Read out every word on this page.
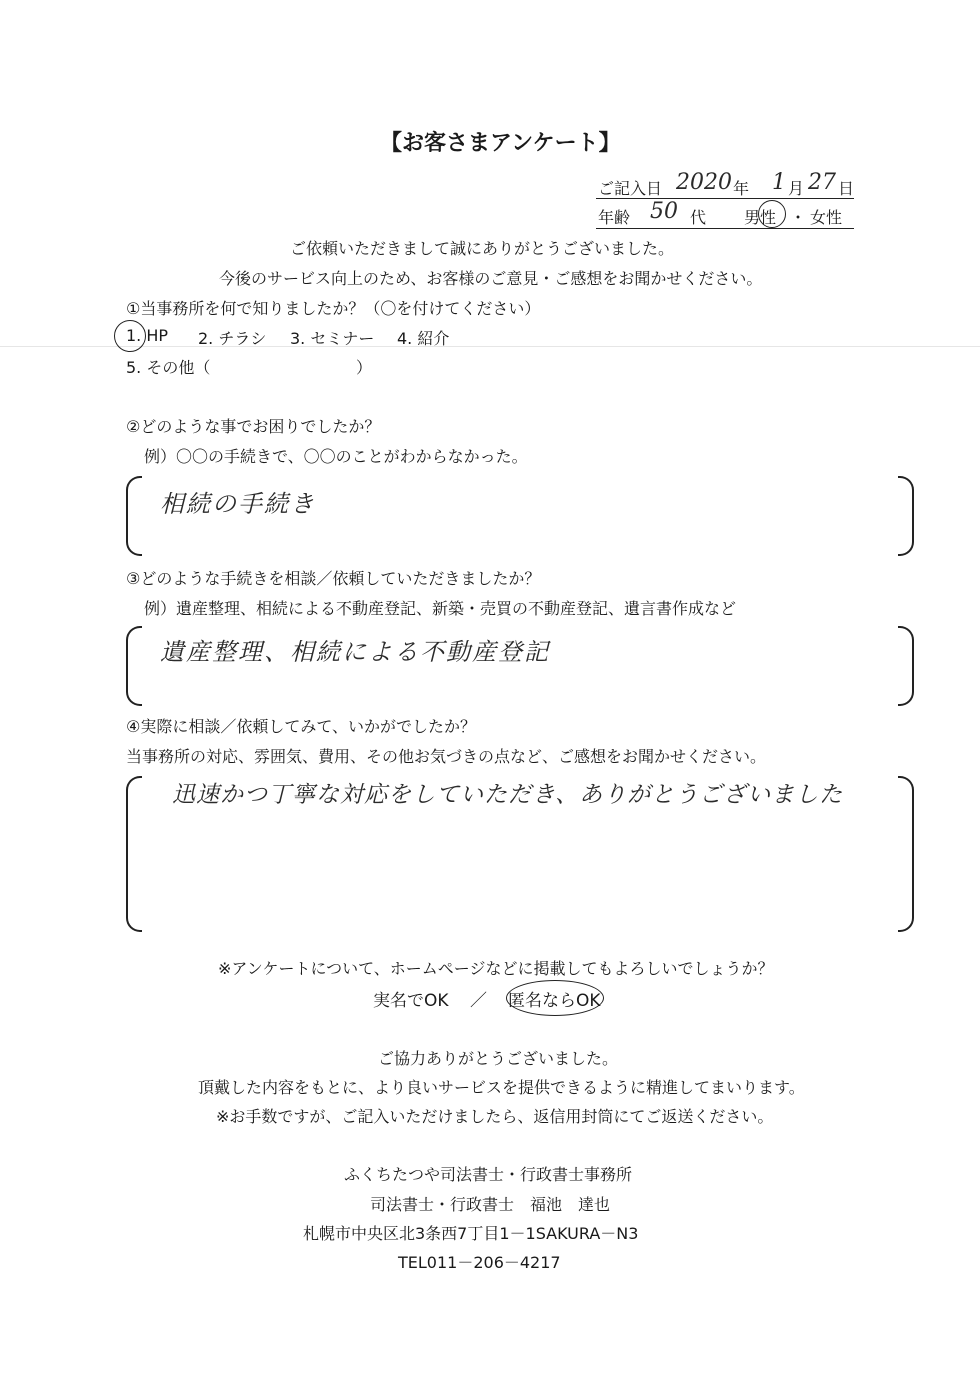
【お客さまアンケート】
ご記入日 2020 年 1 月 27 日
年齢 50 代 男性 ・ 女性
ご依頼いただきまして誠にありがとうございました。
今後のサービス向上のため、お客様のご意見・ご感想をお聞かせください。
①当事務所を何で知りましたか？（〇を付けてください）
1. HP 2. チラシ 3. セミナー 4. 紹介
5. その他（	）
②どのような事でお困りでしたか？
例）〇〇の手続きで、〇〇のことがわからなかった。
相続の手続き
③どのような手続きを相談／依頼していただきましたか？
例）遺産整理、相続による不動産登記、新築・売買の不動産登記、遺言書作成など
遺産整理、相続による不動産登記
④実際に相談／依頼してみて、いかがでしたか？
当事務所の対応、雰囲気、費用、その他お気づきの点など、ご感想をお聞かせください。
迅速かつ丁寧な対応をしていただき、ありがとうございました
※アンケートについて、ホームページなどに掲載してもよろしいでしょうか？
実名でOK ／ 匿名ならOK
ご協力ありがとうございました。
頂戴した内容をもとに、より良いサービスを提供できるように精進してまいります。
※お手数ですが、ご記入いただけましたら、返信用封筒にてご返送ください。
ふくちたつや司法書士・行政書士事務所
司法書士・行政書士　福池　達也
札幌市中央区北3条西7丁目1－1SAKURA－N3
TEL011－206－4217
